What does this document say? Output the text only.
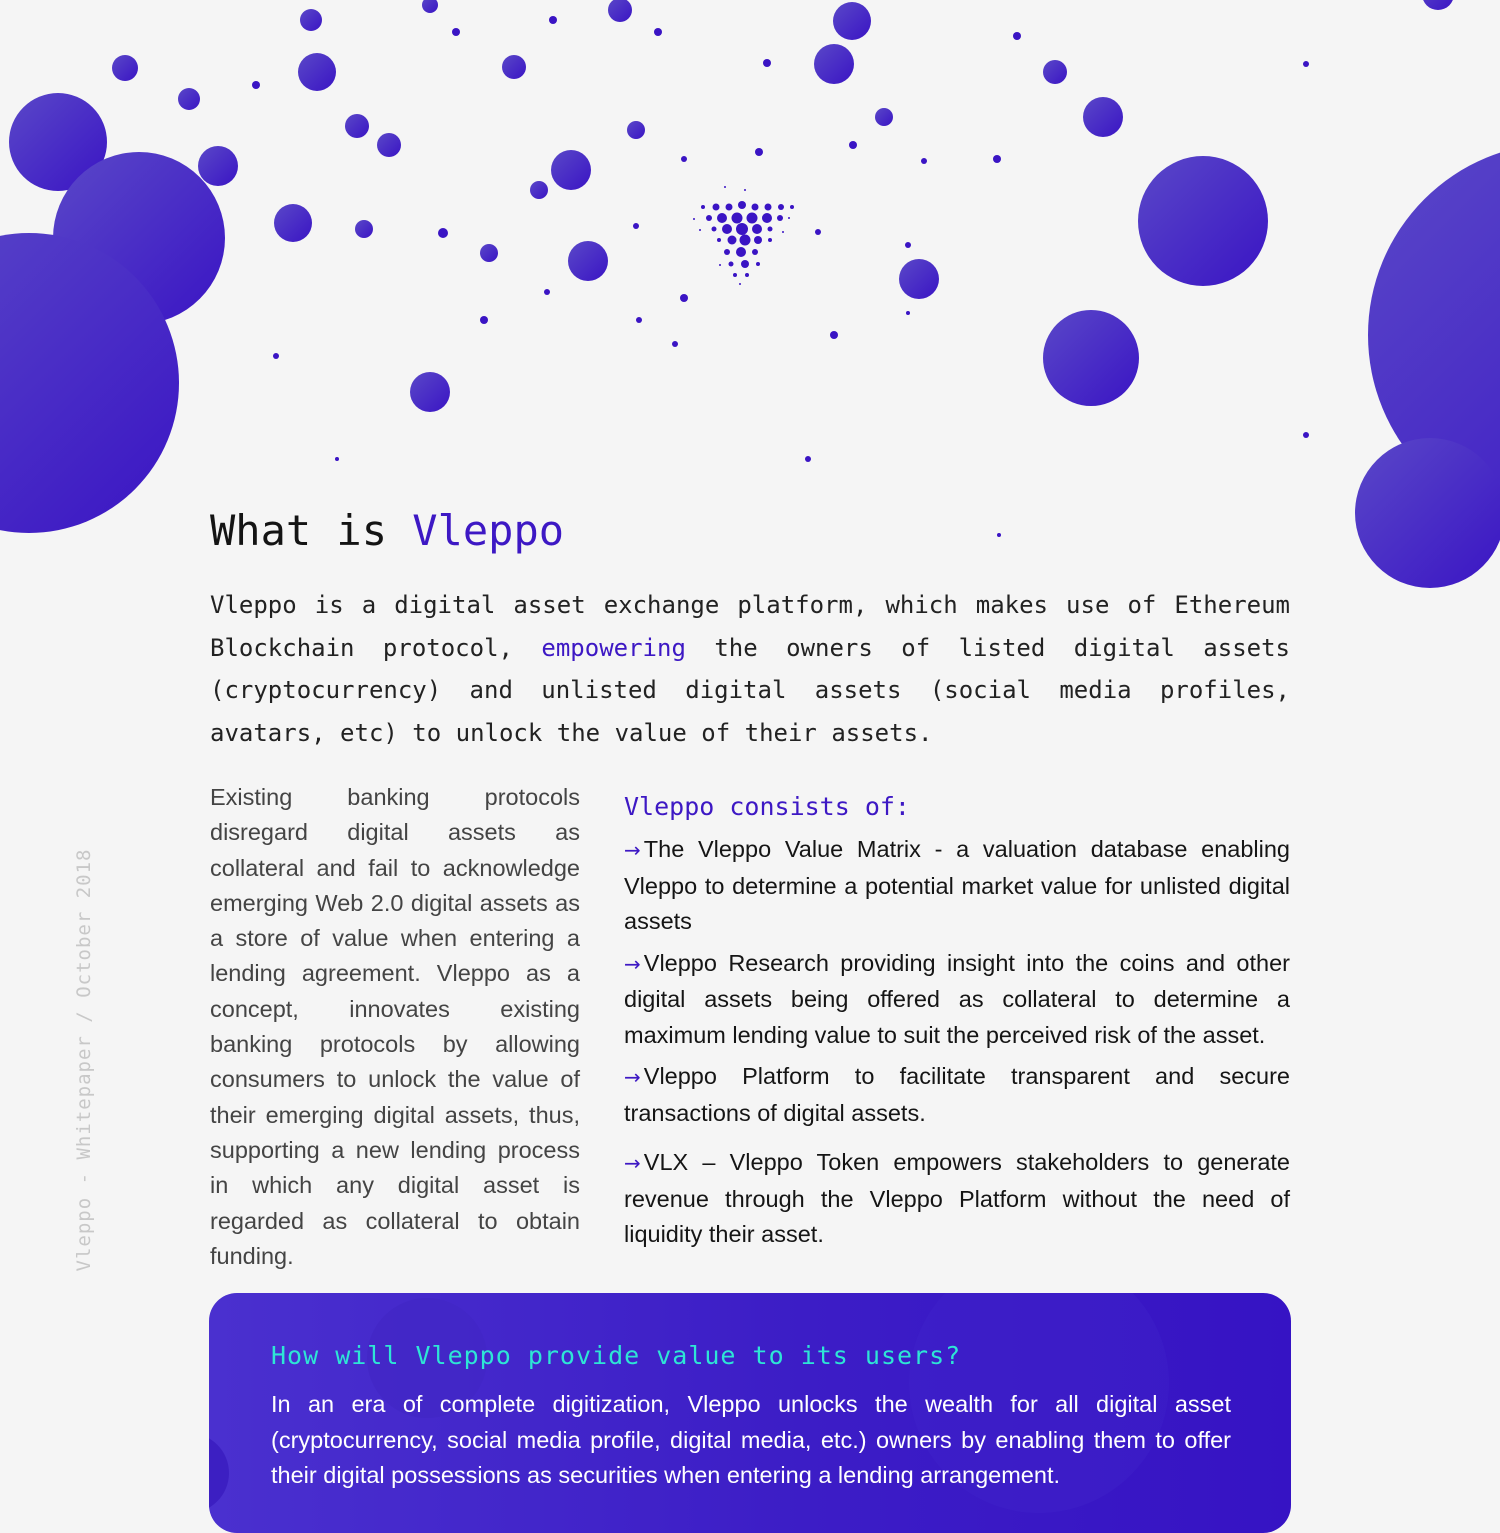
Vleppo - Whitepaper / October 2018
What is Vleppo

Vleppo is a digital asset exchange platform, which makes use of Ethereum Blockchain protocol, empowering the owners of listed digital assets (cryptocurrency) and unlisted digital assets (social media profiles, avatars, etc) to unlock the value of their assets.

Existing banking protocols disregard digital assets as collateral and fail to acknowledge emerging Web 2.0 digital assets as a store of value when entering a lending agreement. Vleppo as a concept, innovates existing banking protocols by allowing consumers to unlock the value of their emerging digital assets, thus, supporting a new lending process in which any digital asset is regarded as collateral to obtain funding.

Vleppo consists of:

→ The Vleppo Value Matrix - a valuation database enabling Vleppo to determine a potential market value for unlisted digital assets

→ Vleppo Research providing insight into the coins and other digital assets being offered as collateral to determine a maximum lending value to suit the perceived risk of the asset.

→ Vleppo Platform to facilitate transparent and secure transactions of digital assets.

→ VLX – Vleppo Token empowers stakeholders to generate revenue through the Vleppo Platform without the need of liquidity their asset.

How will Vleppo provide value to its users?

In an era of complete digitization, Vleppo unlocks the wealth for all digital asset (cryptocurrency, social media profile, digital media, etc.) owners by enabling them to offer their digital possessions as securities when entering a lending arrangement.
